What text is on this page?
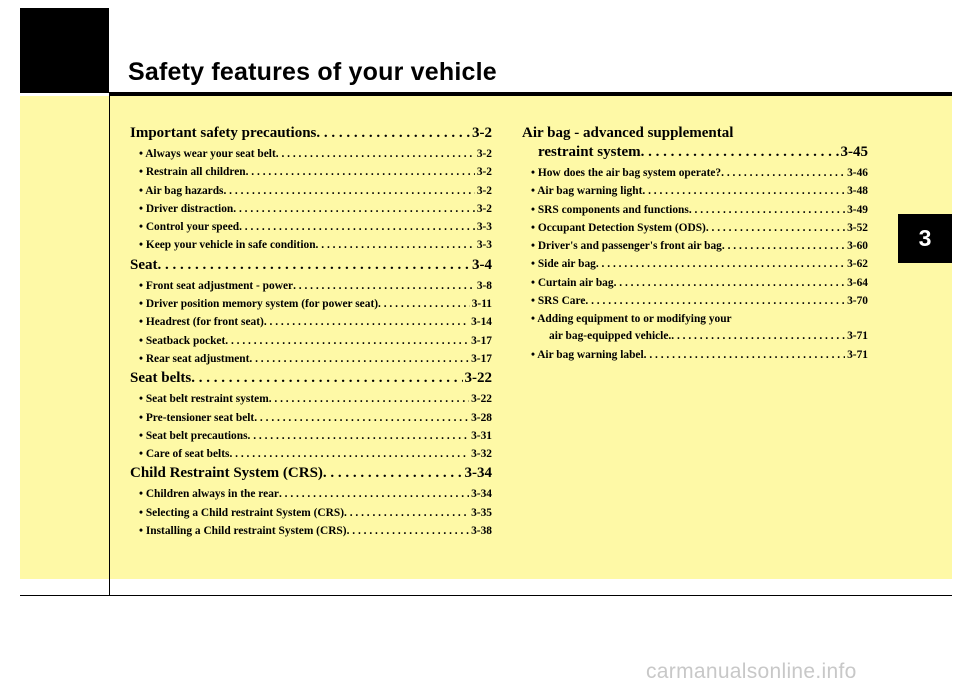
Safety features of your vehicle
3
Important safety precautions . . .	3-2
• Always wear your seat belt . . .	3-2
• Restrain all children . . .	3-2
• Air bag hazards . . .	3-2
• Driver distraction . . .	3-2
• Control your speed . . .	3-3
• Keep your vehicle in safe condition . . .	3-3
Seat . . .	3-4
• Front seat adjustment - power . . .	3-8
• Driver position memory system (for power seat) . . .	3-11
• Headrest (for front seat) . . .	3-14
• Seatback pocket . . .	3-17
• Rear seat adjustment . . .	3-17
Seat belts . . .	3-22
• Seat belt restraint system . . .	3-22
• Pre-tensioner seat belt . . .	3-28
• Seat belt precautions . . .	3-31
• Care of seat belts . . .	3-32
Child Restraint System (CRS) . . .	3-34
• Children always in the rear . . .	3-34
• Selecting a Child restraint System (CRS) . . .	3-35
• Installing a Child restraint System (CRS) . . .	3-38
Air bag - advanced supplemental
restraint system . . .	3-45
• How does the air bag system operate? . . .	3-46
• Air bag warning light . . .	3-48
• SRS components and functions . . .	3-49
• Occupant Detection System (ODS) . . .	3-52
• Driver's and passenger's front air bag . . .	3-60
• Side air bag . . .	3-62
• Curtain air bag . . .	3-64
• SRS Care . . .	3-70
• Adding equipment to or modifying your
air bag-equipped vehicle. . . .	3-71
• Air bag warning label . . .	3-71
carmanualsonline.info
